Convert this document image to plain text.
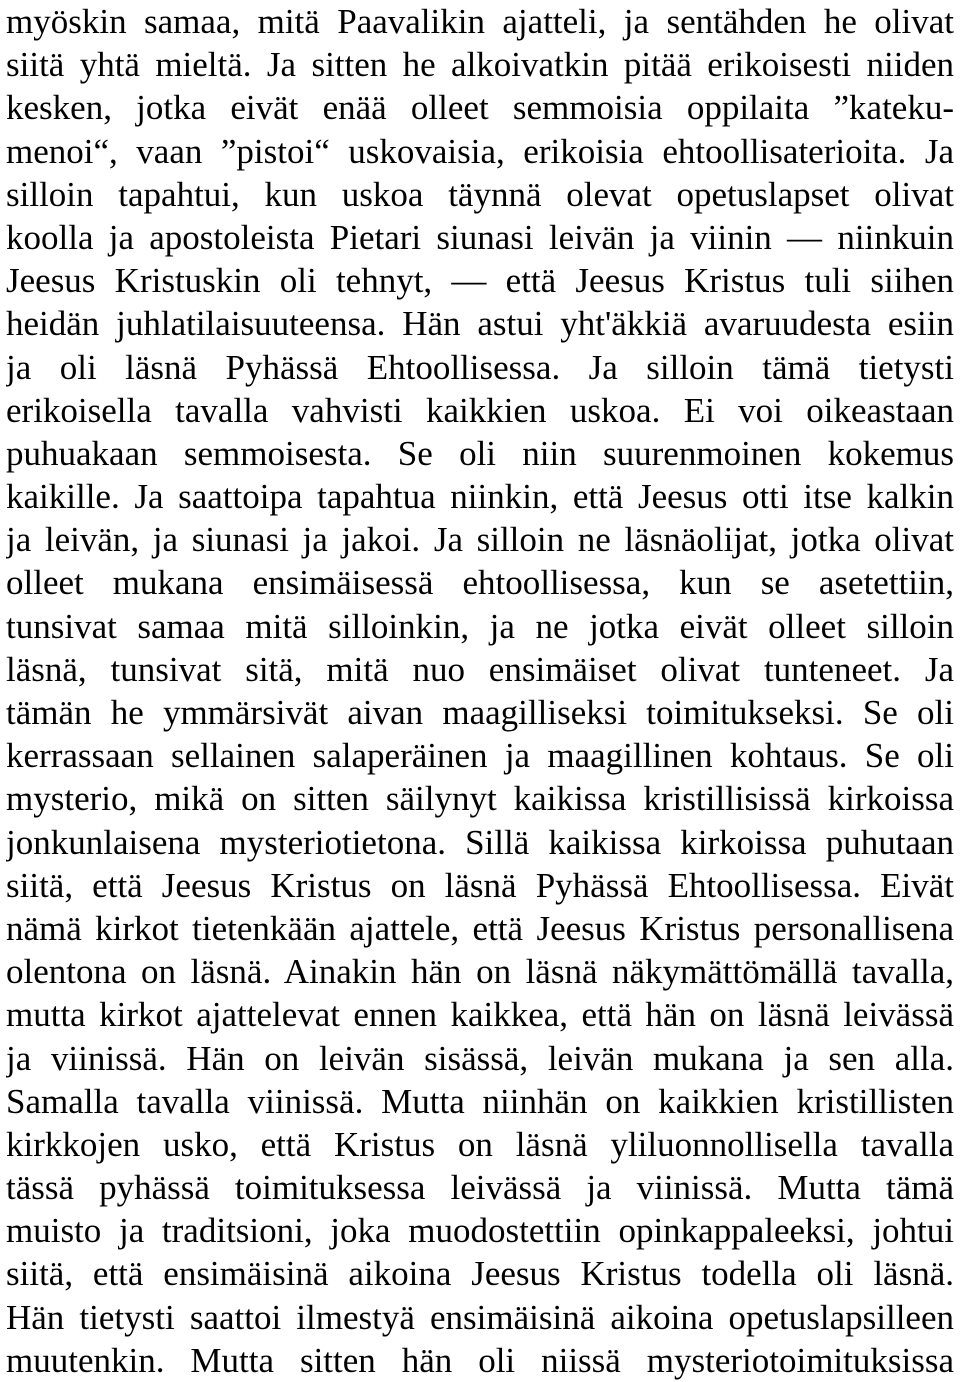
myöskin samaa, mitä Paavalikin ajatteli, ja sentähden he olivat
siitä yhtä mieltä. Ja sitten he alkoivatkin pitää erikoisesti niiden
kesken, jotka eivät enää olleet semmoisia oppilaita ”kateku-
menoi“, vaan ”pistoi“ uskovaisia, erikoisia ehtoollisaterioita. Ja
silloin tapahtui, kun uskoa täynnä olevat opetuslapset olivat
koolla ja apostoleista Pietari siunasi leivän ja viinin — niinkuin
Jeesus Kristuskin oli tehnyt, — että Jeesus Kristus tuli siihen
heidän juhlatilaisuuteensa. Hän astui yht'äkkiä avaruudesta esiin
ja oli läsnä Pyhässä Ehtoollisessa. Ja silloin tämä tietysti
erikoisella tavalla vahvisti kaikkien uskoa. Ei voi oikeastaan
puhuakaan semmoisesta. Se oli niin suurenmoinen kokemus
kaikille. Ja saattoipa tapahtua niinkin, että Jeesus otti itse kalkin
ja leivän, ja siunasi ja jakoi. Ja silloin ne läsnäolijat, jotka olivat
olleet mukana ensimäisessä ehtoollisessa, kun se asetettiin,
tunsivat samaa mitä silloinkin, ja ne jotka eivät olleet silloin
läsnä, tunsivat sitä, mitä nuo ensimäiset olivat tunteneet. Ja
tämän he ymmärsivät aivan maagilliseksi toimitukseksi. Se oli
kerrassaan sellainen salaperäinen ja maagillinen kohtaus. Se oli
mysterio, mikä on sitten säilynyt kaikissa kristillisissä kirkoissa
jonkunlaisena mysteriotietona. Sillä kaikissa kirkoissa puhutaan
siitä, että Jeesus Kristus on läsnä Pyhässä Ehtoollisessa. Eivät
nämä kirkot tietenkään ajattele, että Jeesus Kristus personallisena
olentona on läsnä. Ainakin hän on läsnä näkymättömällä tavalla,
mutta kirkot ajattelevat ennen kaikkea, että hän on läsnä leivässä
ja viinissä. Hän on leivän sisässä, leivän mukana ja sen alla.
Samalla tavalla viinissä. Mutta niinhän on kaikkien kristillisten
kirkkojen usko, että Kristus on läsnä yliluonnollisella tavalla
tässä pyhässä toimituksessa leivässä ja viinissä. Mutta tämä
muisto ja traditsioni, joka muodostettiin opinkappaleeksi, johtui
siitä, että ensimäisinä aikoina Jeesus Kristus todella oli läsnä.
Hän tietysti saattoi ilmestyä ensimäisinä aikoina opetuslapsilleen
muutenkin. Mutta sitten hän oli niissä mysteriotoimituksissa
